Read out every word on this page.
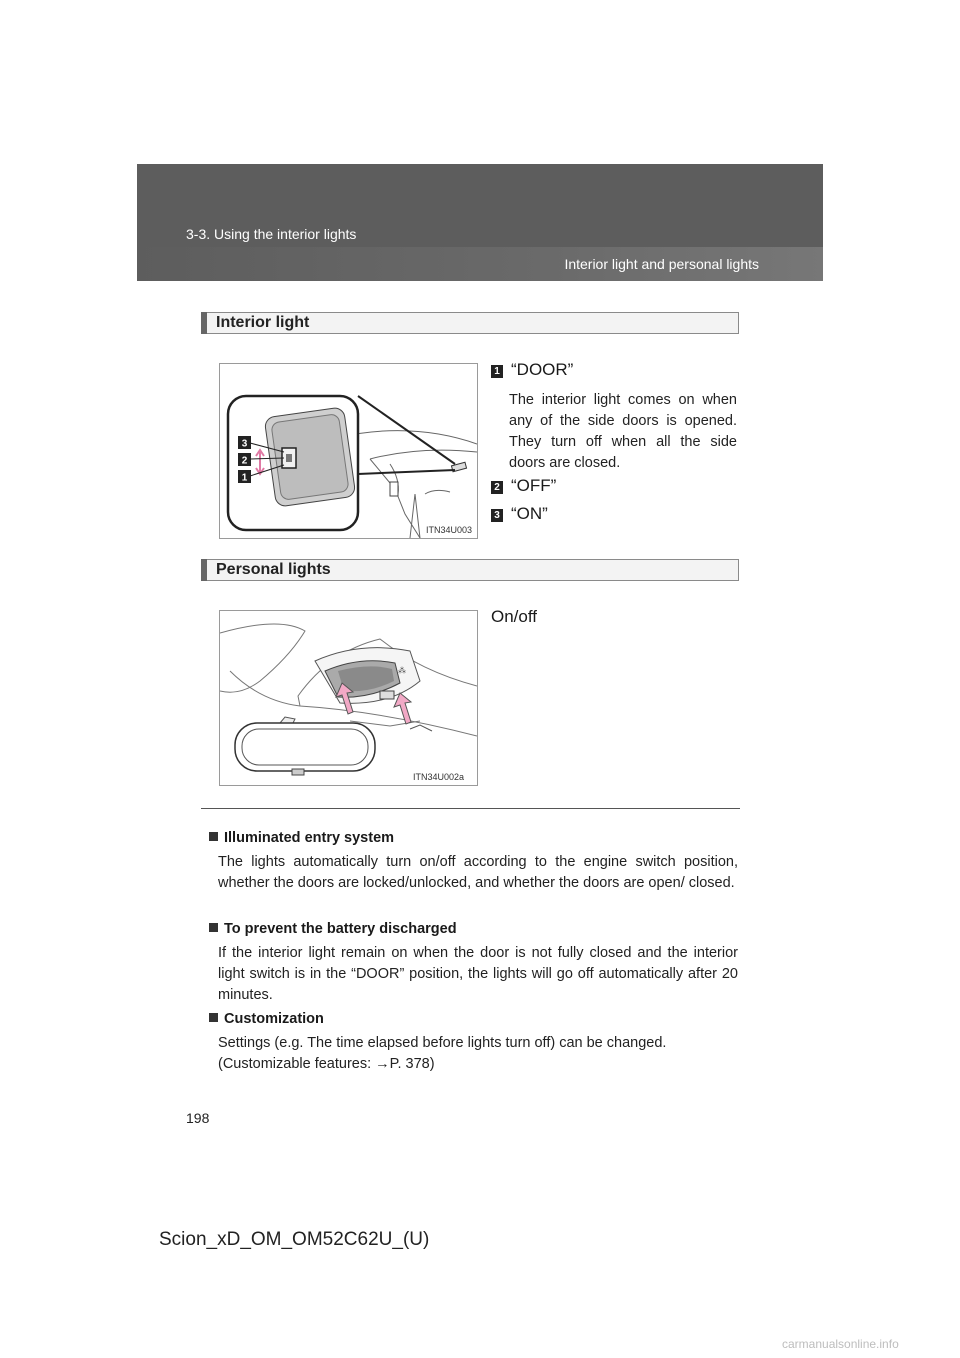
3-3. Using the interior lights
Interior light and personal lights
Interior light
3
2
1
ITN34U003
1 “DOOR”
The interior light comes on when any of the side doors is opened. They turn off when all the side doors are closed.
2 “OFF”
3 “ON”
Personal lights
⁂
ITN34U002a
On/off
Illuminated entry system
The lights automatically turn on/off according to the engine switch position, whether the doors are locked/unlocked, and whether the doors are open/ closed.
To prevent the battery discharged
If the interior light remain on when the door is not fully closed and the interior light switch is in the “DOOR” position, the lights will go off automatically after 20 minutes.
Customization
Settings (e.g. The time elapsed before lights turn off) can be changed.
(Customizable features: →P. 378)
198
Scion_xD_OM_OM52C62U_(U)
carmanualsonline.info
